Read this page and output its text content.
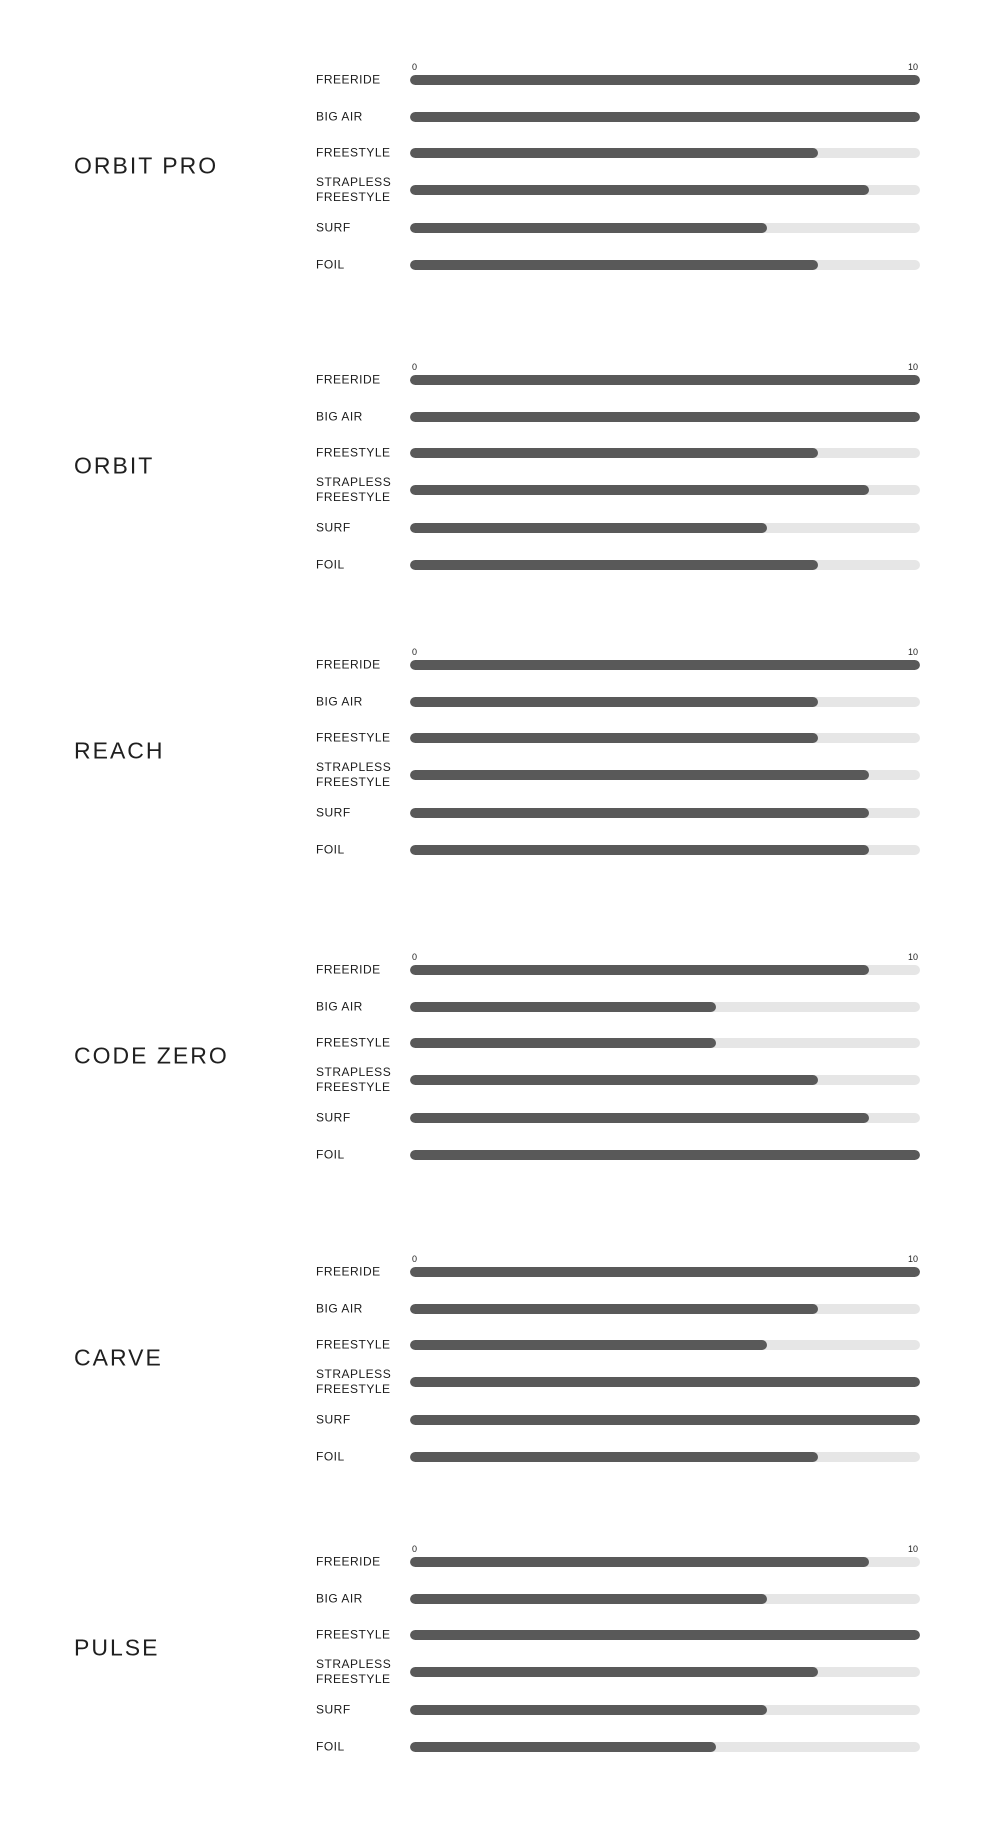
ORBIT PRO
0	10
FREERIDE
BIG AIR
FREESTYLE
STRAPLESS
FREESTYLE
SURF
FOIL
ORBIT
0	10
FREERIDE
BIG AIR
FREESTYLE
STRAPLESS
FREESTYLE
SURF
FOIL
REACH
0	10
FREERIDE
BIG AIR
FREESTYLE
STRAPLESS
FREESTYLE
SURF
FOIL
CODE ZERO
0	10
FREERIDE
BIG AIR
FREESTYLE
STRAPLESS
FREESTYLE
SURF
FOIL
CARVE
0	10
FREERIDE
BIG AIR
FREESTYLE
STRAPLESS
FREESTYLE
SURF
FOIL
PULSE
0	10
FREERIDE
BIG AIR
FREESTYLE
STRAPLESS
FREESTYLE
SURF
FOIL
